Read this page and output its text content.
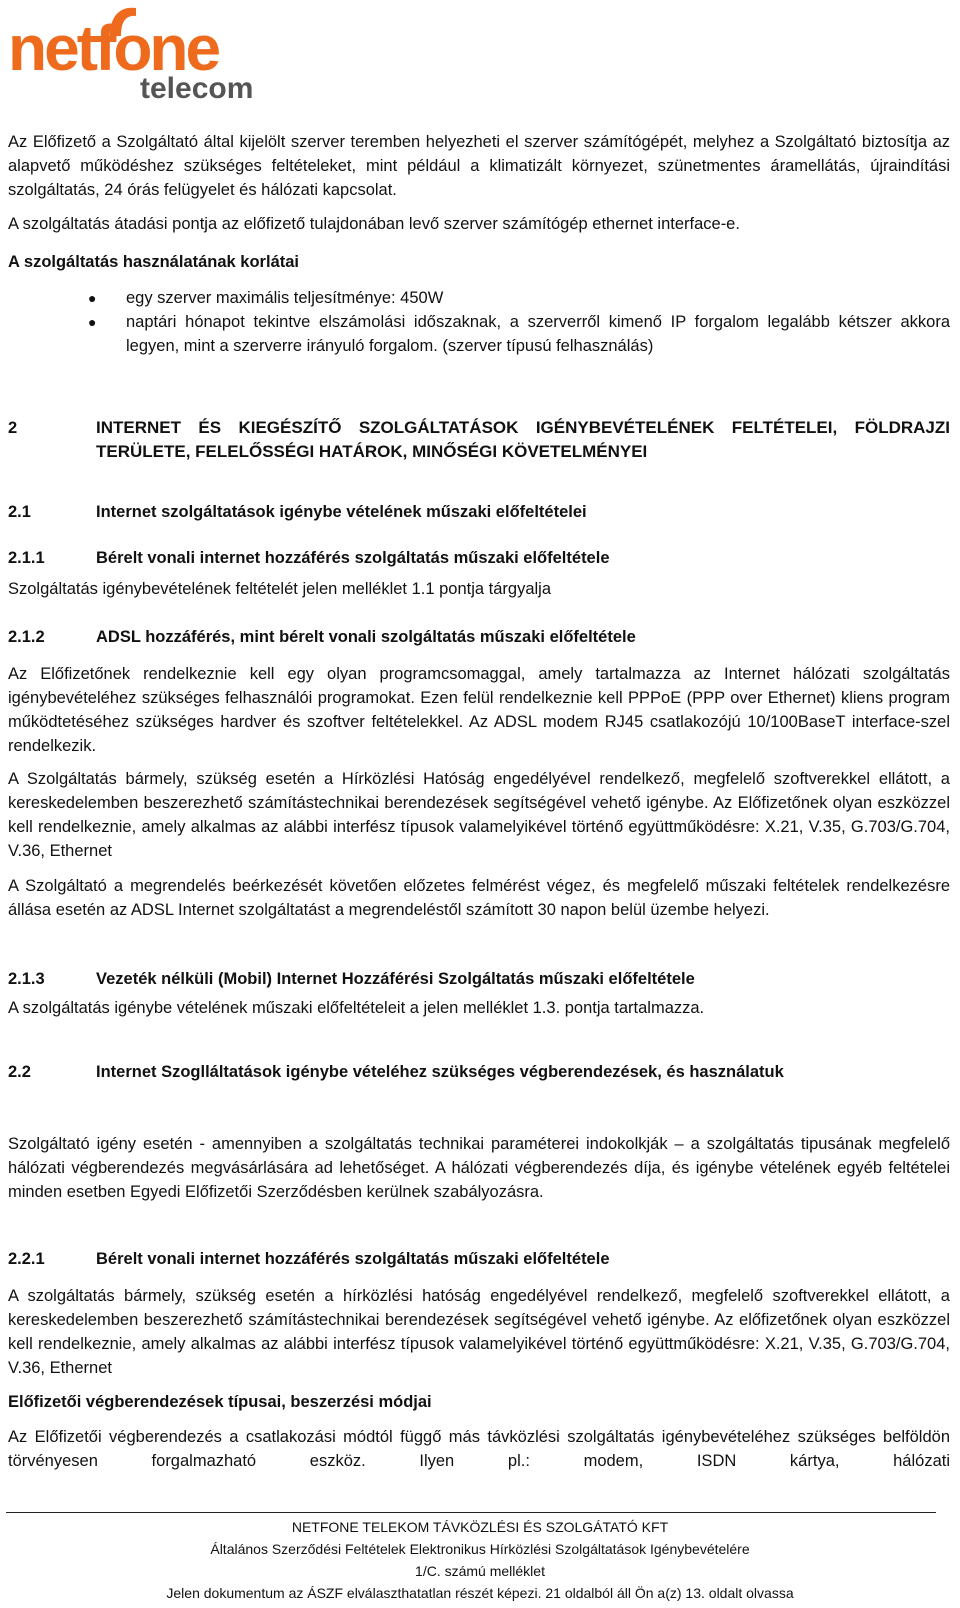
netfone
telecom

Az Előfizető a Szolgáltató által kijelölt szerver teremben helyezheti el szerver számítógépét, melyhez a Szolgáltató biztosítja az alapvető működéshez szükséges feltételeket, mint például a klimatizált környezet, szünetmentes áramellátás, újraindítási szolgáltatás, 24 órás felügyelet és hálózati kapcsolat.

A szolgáltatás átadási pontja az előfizető tulajdonában levő szerver számítógép ethernet interface-e.

A szolgáltatás használatának korlátai

● egy szerver maximális teljesítménye: 450W
● naptári hónapot tekintve elszámolási időszaknak, a szerverről kimenő IP forgalom legalább kétszer akkora legyen, mint a szerverre irányuló forgalom. (szerver típusú felhasználás)
2	INTERNET ÉS KIEGÉSZÍTŐ SZOLGÁLTATÁSOK IGÉNYBEVÉTELÉNEK FELTÉTELEI, FÖLDRAJZI TERÜLETE, FELELŐSSÉGI HATÁROK, MINŐSÉGI KÖVETELMÉNYEI

2.1	Internet szolgáltatások igénybe vételének műszaki előfeltételei

2.1.1	Bérelt vonali internet hozzáférés szolgáltatás műszaki előfeltétele

Szolgáltatás igénybevételének feltételét jelen melléklet 1.1 pontja tárgyalja

2.1.2	ADSL hozzáférés, mint bérelt vonali szolgáltatás műszaki előfeltétele

Az Előfizetőnek rendelkeznie kell egy olyan programcsomaggal, amely tartalmazza az Internet hálózati szolgáltatás igénybevételéhez szükséges felhasználói programokat. Ezen felül rendelkeznie kell PPPoE (PPP over Ethernet) kliens program működtetéséhez szükséges hardver és szoftver feltételekkel. Az ADSL modem RJ45 csatlakozójú 10/100BaseT interface-szel rendelkezik.

A Szolgáltatás bármely, szükség esetén a Hírközlési Hatóság engedélyével rendelkező, megfelelő szoftverekkel ellátott, a kereskedelemben beszerezhető számítástechnikai berendezések segítségével vehető igénybe. Az Előfizetőnek olyan eszközzel kell rendelkeznie, amely alkalmas az alábbi interfész típusok valamelyikével történő együttműködésre: X.21, V.35, G.703/G.704, V.36, Ethernet

A Szolgáltató a megrendelés beérkezését követően előzetes felmérést végez, és megfelelő műszaki feltételek rendelkezésre állása esetén az ADSL Internet szolgáltatást a megrendeléstől számított 30 napon belül üzembe helyezi.

2.1.3	Vezeték nélküli (Mobil) Internet Hozzáférési Szolgáltatás műszaki előfeltétele

A szolgáltatás igénybe vételének műszaki előfeltételeit a jelen melléklet 1.3. pontja tartalmazza.

2.2	Internet Szoglláltatások igénybe vételéhez szükséges végberendezések, és használatuk

Szolgáltató igény esetén - amennyiben a szolgáltatás technikai paraméterei indokolkják – a szolgáltatás tipusának megfelelő hálózati végberendezés megvásárlására ad lehetőséget. A hálózati végberendezés díja, és igénybe vételének egyéb feltételei minden esetben Egyedi Előfizetői Szerződésben kerülnek szabályozásra.

2.2.1	Bérelt vonali internet hozzáférés szolgáltatás műszaki előfeltétele

A szolgáltatás bármely, szükség esetén a hírközlési hatóság engedélyével rendelkező, megfelelő szoftverekkel ellátott, a kereskedelemben beszerezhető számítástechnikai berendezések segítségével vehető igénybe. Az előfizetőnek olyan eszközzel kell rendelkeznie, amely alkalmas az alábbi interfész típusok valamelyikével történő együttműködésre: X.21, V.35, G.703/G.704, V.36, Ethernet

Előfizetői végberendezések típusai, beszerzési módjai

Az Előfizetői végberendezés a csatlakozási módtól függő más távközlési szolgáltatás igénybevételéhez szükséges belföldön törvényesen forgalmazható eszköz. Ilyen pl.: modem, ISDN kártya, hálózati

NETFONE TELEKOM TÁVKÖZLÉSI ÉS SZOLGÁTATÓ KFT

Általános Szerződési Feltételek Elektronikus Hírközlési Szolgáltatások Igénybevételére

1/C. számú melléklet

Jelen dokumentum az ÁSZF elválaszthatatlan részét képezi. 21 oldalból áll Ön a(z) 13. oldalt olvassa
